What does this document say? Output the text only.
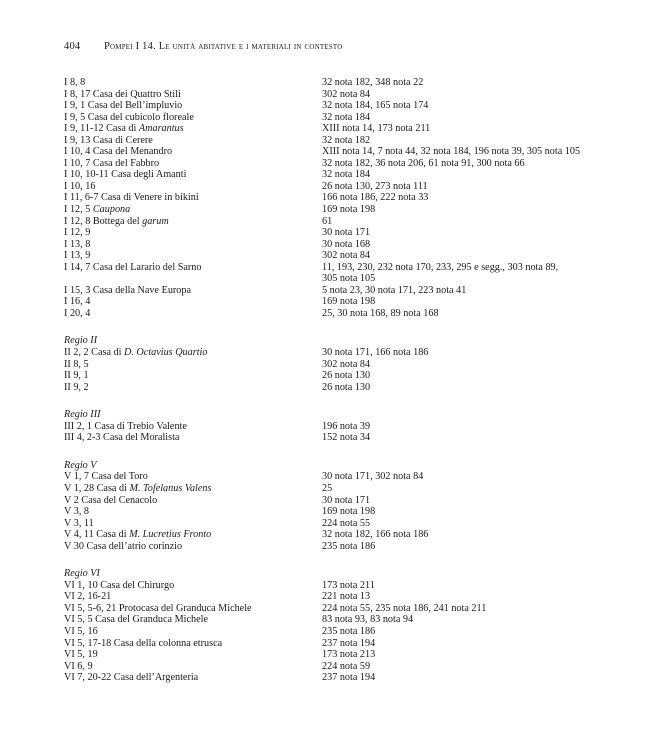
404 Pompei I 14. Le unità abitative e i materiali in contesto
I 8, 8	32 nota 182, 348 nota 22
I 8, 17 Casa dei Quattro Stili	302 nota 84
I 9, 1 Casa del Bell’impluvio	32 nota 184, 165 nota 174
I 9, 5 Casa del cubicolo floreale	32 nota 184
I 9, 11-12 Casa di Amarantus	XIII nota 14, 173 nota 211
I 9, 13 Casa di Cerere	32 nota 182
I 10, 4 Casa del Menandro	XIII nota 14, 7 nota 44, 32 nota 184, 196 nota 39, 305 nota 105
I 10, 7 Casa del Fabbro	32 nota 182, 36 nota 206, 61 nota 91, 300 nota 66
I 10, 10-11 Casa degli Amanti	32 nota 184
I 10, 16	26 nota 130, 273 nota 111
I 11, 6-7 Casa di Venere in bikini	166 nota 186, 222 nota 33
I 12, 5 Caupona	169 nota 198
I 12, 8 Bottega del garum	61
I 12, 9	30 nota 171
I 13, 8	30 nota 168
I 13, 9	302 nota 84
I 14, 7 Casa del Larario del Sarno	11, 193, 230, 232 nota 170, 233, 295 e segg., 303 nota 89,
305 nota 105
I 15, 3 Casa della Nave Europa	5 nota 23, 30 nota 171, 223 nota 41
I 16, 4	169 nota 198
I 20, 4	25, 30 nota 168, 89 nota 168
Regio II
II 2, 2 Casa di D. Octavius Quartio	30 nota 171, 166 nota 186
II 8, 5	302 nota 84
II 9, 1	26 nota 130
II 9, 2	26 nota 130
Regio III
III 2, 1 Casa di Trebio Valente	196 nota 39
III 4, 2-3 Casa del Moralista	152 nota 34
Regio V
V 1, 7 Casa del Toro	30 nota 171, 302 nota 84
V 1, 28 Casa di M. Tofelanus Valens	25
V 2 Casa del Cenacolo	30 nota 171
V 3, 8	169 nota 198
V 3, 11	224 nota 55
V 4, 11 Casa di M. Lucretius Fronto	32 nota 182, 166 nota 186
V 30 Casa dell’atrio corinzio	235 nota 186
Regio VI
VI 1, 10 Casa del Chirurgo	173 nota 211
VI 2, 16-21	221 nota 13
VI 5, 5-6, 21 Protocasa del Granduca Michele	224 nota 55, 235 nota 186, 241 nota 211
VI 5, 5 Casa del Granduca Michele	83 nota 93, 83 nota 94
VI 5, 16	235 nota 186
VI 5, 17-18 Casa della colonna etrusca	237 nota 194
VI 5, 19	173 nota 213
VI 6, 9	224 nota 59
VI 7, 20-22 Casa dell’Argenteria	237 nota 194
